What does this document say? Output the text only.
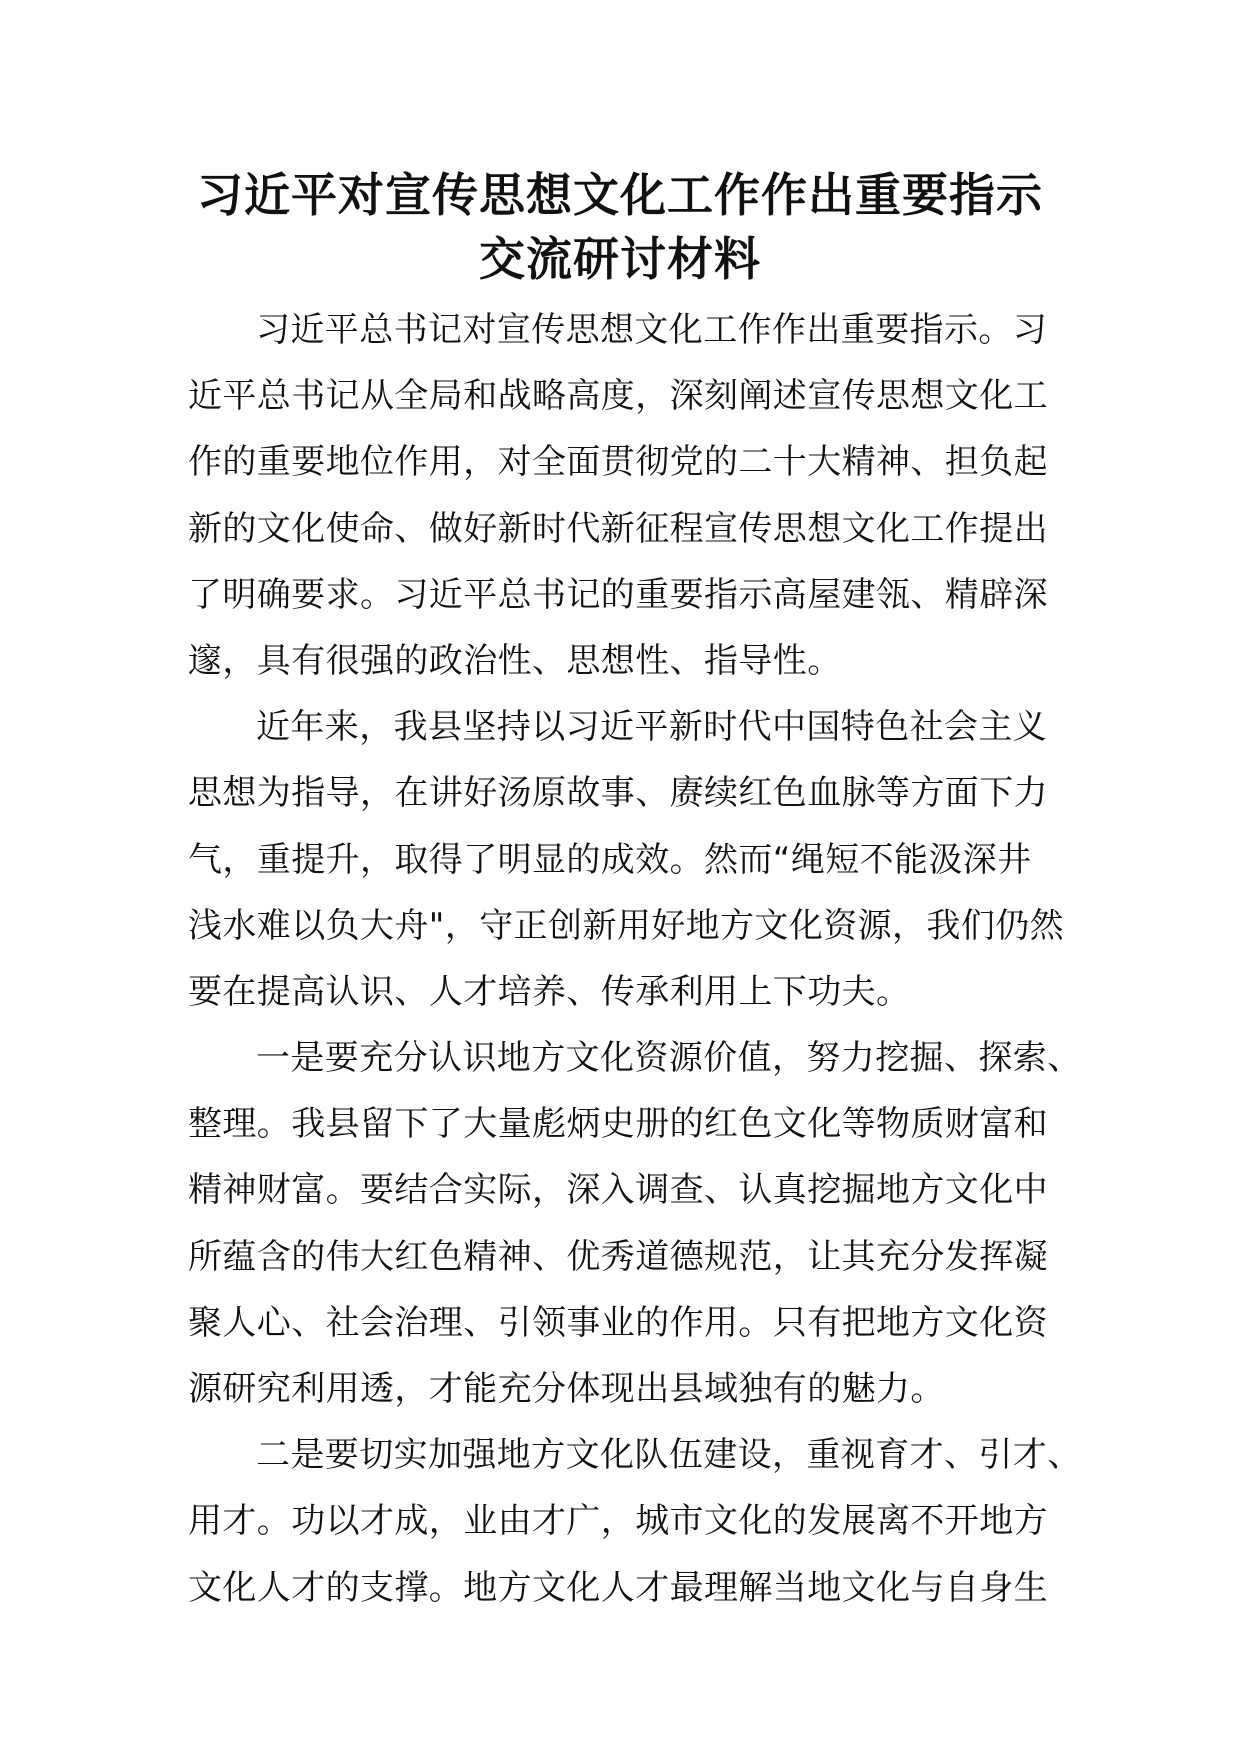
习近平对宣传思想文化工作作出重要指示
交流研讨材料
习近平总书记对宣传思想文化工作作出重要指示。习
近平总书记从全局和战略高度，深刻阐述宣传思想文化工
作的重要地位作用，对全面贯彻党的二十大精神、担负起
新的文化使命、做好新时代新征程宣传思想文化工作提出
了明确要求。习近平总书记的重要指示高屋建瓴、精辟深
邃，具有很强的政治性、思想性、指导性。
近年来，我县坚持以习近平新时代中国特色社会主义
思想为指导，在讲好汤原故事、赓续红色血脉等方面下力
气，重提升，取得了明显的成效。然而“绳短不能汲深井
浅水难以负大舟"，守正创新用好地方文化资源，我们仍然
要在提高认识、人才培养、传承利用上下功夫。
一是要充分认识地方文化资源价值，努力挖掘、探索、
整理。我县留下了大量彪炳史册的红色文化等物质财富和
精神财富。要结合实际，深入调查、认真挖掘地方文化中
所蕴含的伟大红色精神、优秀道德规范，让其充分发挥凝
聚人心、社会治理、引领事业的作用。只有把地方文化资
源研究利用透，才能充分体现出县域独有的魅力。
二是要切实加强地方文化队伍建设，重视育才、引才、
用才。功以才成，业由才广，城市文化的发展离不开地方
文化人才的支撑。地方文化人才最理解当地文化与自身生
